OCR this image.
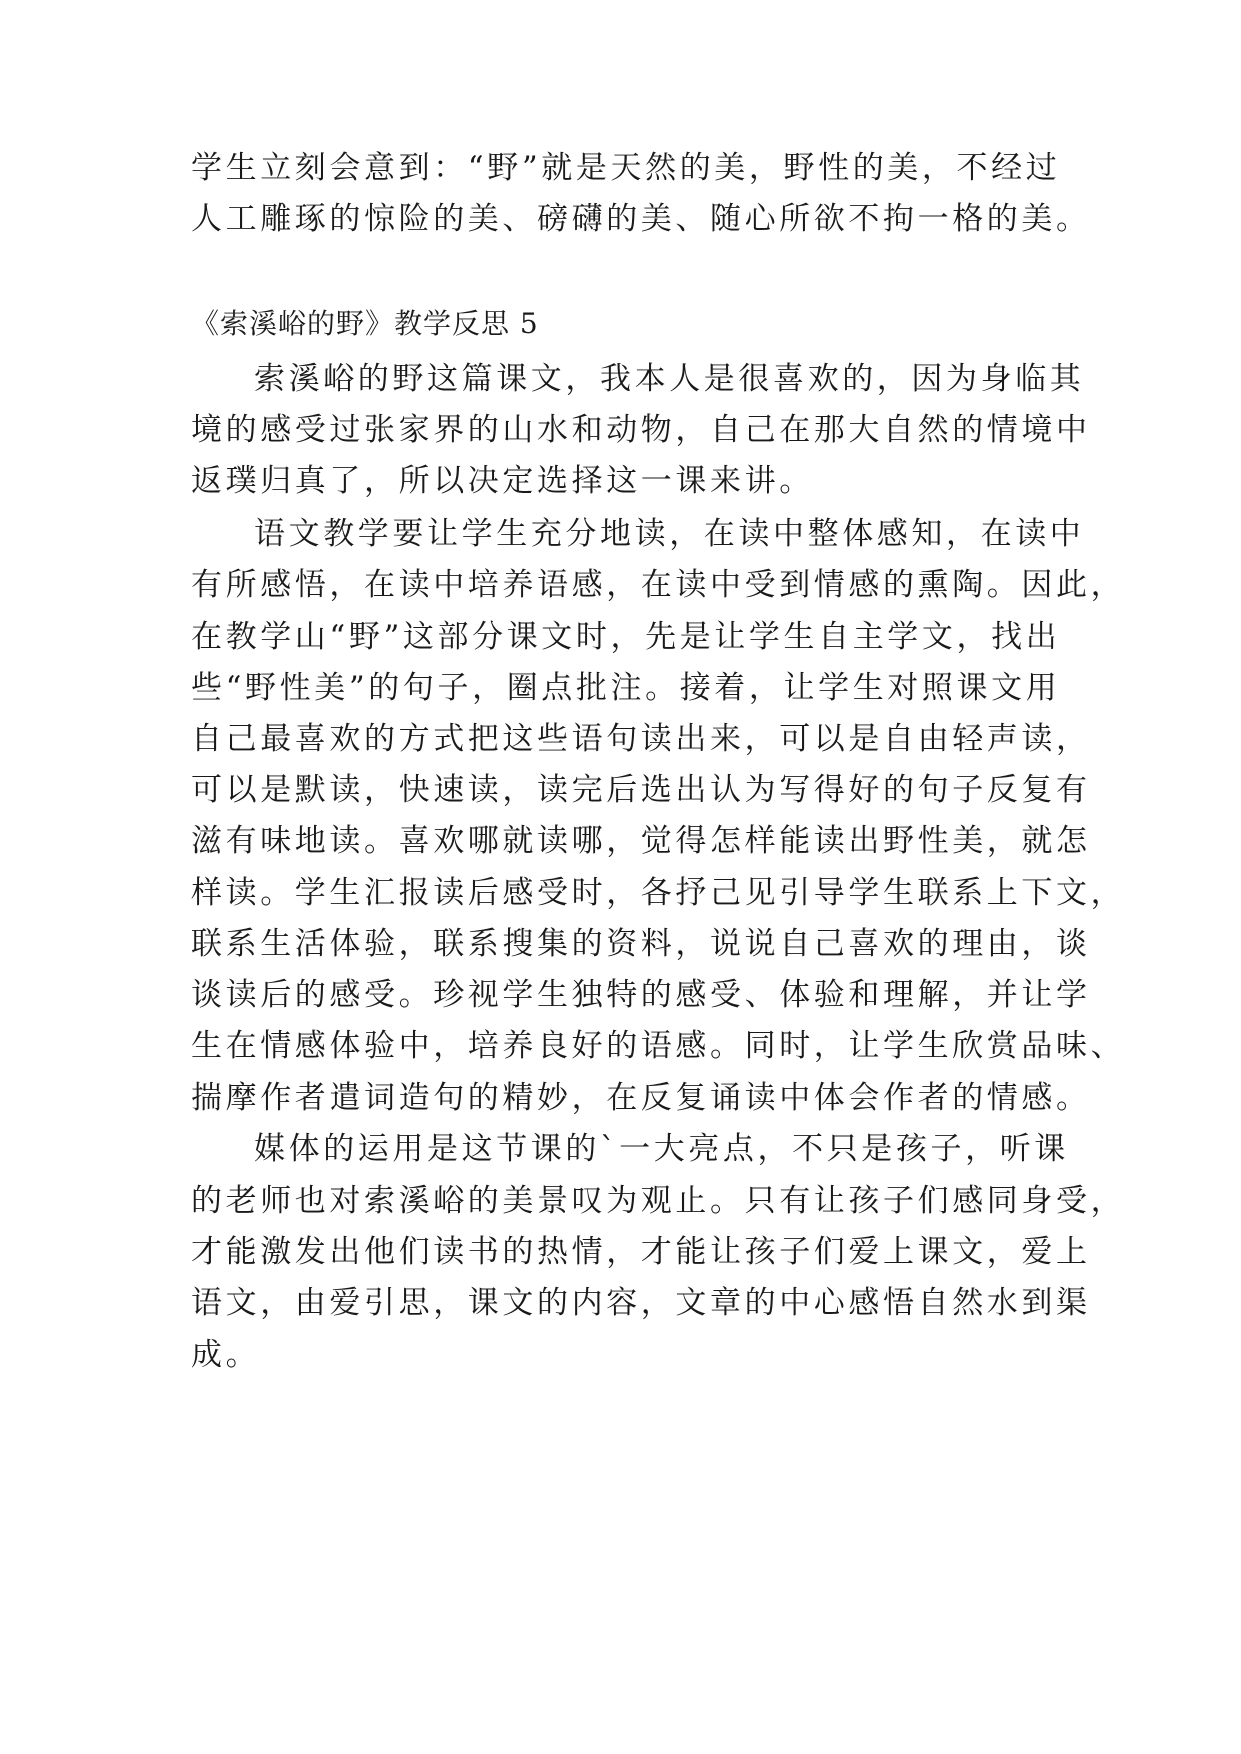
学生立刻会意到：“野”就是天然的美，野性的美，不经过
人工雕琢的惊险的美、磅礴的美、随心所欲不拘一格的美。
《索溪峪的野》教学反思 5
索溪峪的野这篇课文，我本人是很喜欢的，因为身临其
境的感受过张家界的山水和动物，自己在那大自然的情境中
返璞归真了，所以决定选择这一课来讲。
语文教学要让学生充分地读，在读中整体感知，在读中
有所感悟，在读中培养语感，在读中受到情感的熏陶。因此，
在教学山“野”这部分课文时，先是让学生自主学文，找出
些“野性美”的句子，圈点批注。接着，让学生对照课文用
自己最喜欢的方式把这些语句读出来，可以是自由轻声读，
可以是默读，快速读，读完后选出认为写得好的句子反复有
滋有味地读。喜欢哪就读哪，觉得怎样能读出野性美，就怎
样读。学生汇报读后感受时，各抒己见引导学生联系上下文，
联系生活体验，联系搜集的资料，说说自己喜欢的理由，谈
谈读后的感受。珍视学生独特的感受、体验和理解，并让学
生在情感体验中，培养良好的语感。同时，让学生欣赏品味、
揣摩作者遣词造句的精妙，在反复诵读中体会作者的情感。
媒体的运用是这节课的`一大亮点，不只是孩子，听课
的老师也对索溪峪的美景叹为观止。只有让孩子们感同身受，
才能激发出他们读书的热情，才能让孩子们爱上课文，爱上
语文，由爱引思，课文的内容，文章的中心感悟自然水到渠
成。
